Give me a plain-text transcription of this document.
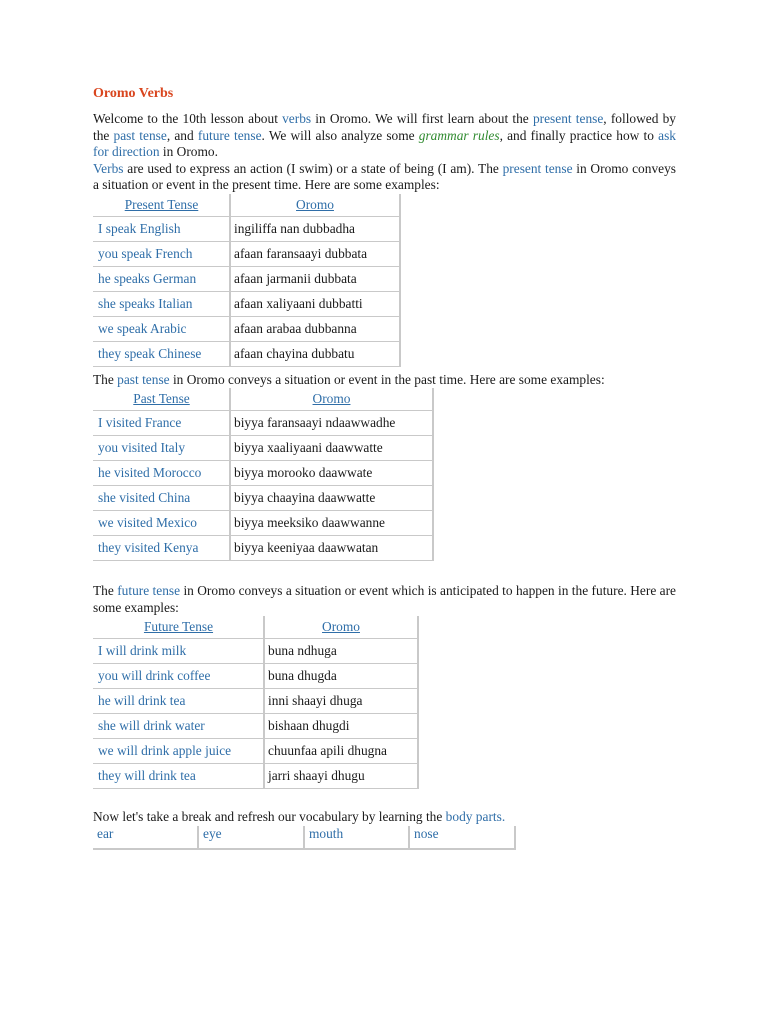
Oromo Verbs

Welcome to the 10th lesson about verbs in Oromo. We will first learn about the present tense, followed by the past tense, and future tense. We will also analyze some grammar rules, and finally practice how to ask for direction in Oromo.

Verbs are used to express an action (I swim) or a state of being (I am). The present tense in Oromo conveys a situation or event in the present time. Here are some examples:

Present Tense	Oromo
I speak English	ingiliffa nan dubbadha
you speak French	afaan faransaayi dubbata
he speaks German	afaan jarmanii dubbata
she speaks Italian	afaan xaliyaani dubbatti
we speak Arabic	afaan arabaa dubbanna
they speak Chinese	afaan chayina dubbatu

The past tense in Oromo conveys a situation or event in the past time. Here are some examples:

Past Tense	Oromo
I visited France	biyya faransaayi ndaawwadhe
you visited Italy	biyya xaaliyaani daawwatte
he visited Morocco	biyya morooko daawwate
she visited China	biyya chaayina daawwatte
we visited Mexico	biyya meeksiko daawwanne
they visited Kenya	biyya keeniyaa daawwatan

The future tense in Oromo conveys a situation or event which is anticipated to happen in the future. Here are some examples:

Future Tense	Oromo
I will drink milk	buna ndhuga
you will drink coffee	buna dhugda
he will drink tea	inni shaayi dhuga
she will drink water	bishaan dhugdi
we will drink apple juice	chuunfaa apili dhugna
they will drink tea	jarri shaayi dhugu

Now let's take a break and refresh our vocabulary by learning the body parts.

ear	eye	mouth	nose
